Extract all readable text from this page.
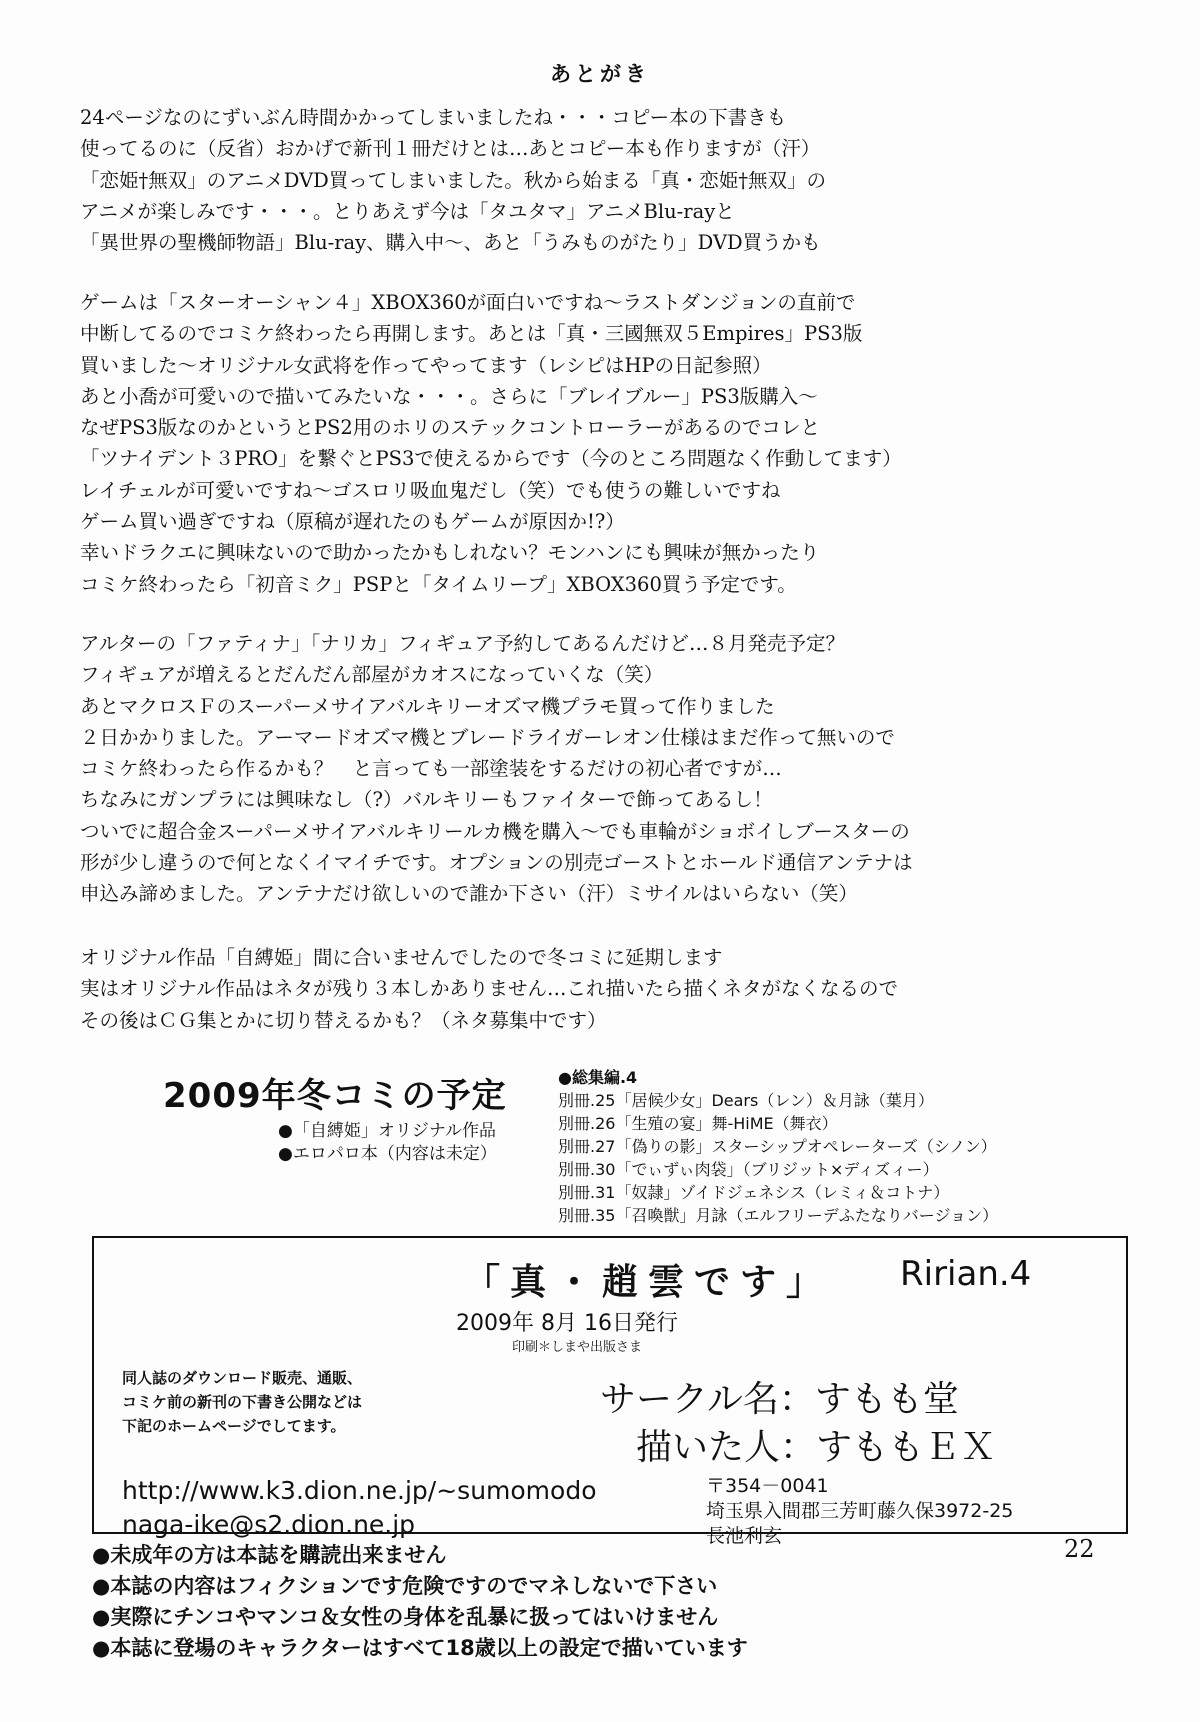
あとがき
24ページなのにずいぶん時間かかってしまいましたね・・・コピー本の下書きも
使ってるのに（反省）おかげで新刊１冊だけとは…あとコピー本も作りますが（汗）
「恋姫†無双」のアニメDVD買ってしまいました。秋から始まる「真・恋姫†無双」の
アニメが楽しみです・・・。とりあえず今は「タユタマ」アニメBlu-rayと
「異世界の聖機師物語」Blu-ray、購入中〜、あと「うみものがたり」DVD買うかも
ゲームは「スターオーシャン４」XBOX360が面白いですね〜ラストダンジョンの直前で
中断してるのでコミケ終わったら再開します。あとは「真・三國無双５Empires」PS3版
買いました〜オリジナル女武将を作ってやってます（レシピはHPの日記参照）
あと小喬が可愛いので描いてみたいな・・・。さらに「ブレイブルー」PS3版購入〜
なぜPS3版なのかというとPS2用のホリのステックコントローラーがあるのでコレと
「ツナイデント３PRO」を繋ぐとPS3で使えるからです（今のところ問題なく作動してます）
レイチェルが可愛いですね〜ゴスロリ吸血鬼だし（笑）でも使うの難しいですね
ゲーム買い過ぎですね（原稿が遅れたのもゲームが原因か!?）
幸いドラクエに興味ないので助かったかもしれない？モンハンにも興味が無かったり
コミケ終わったら「初音ミク」PSPと「タイムリープ」XBOX360買う予定です。
アルターの「ファティナ」「ナリカ」フィギュア予約してあるんだけど…８月発売予定？
フィギュアが増えるとだんだん部屋がカオスになっていくな（笑）
あとマクロスＦのスーパーメサイアバルキリーオズマ機プラモ買って作りました
２日かかりました。アーマードオズマ機とブレードライガーレオン仕様はまだ作って無いので
コミケ終わったら作るかも？　と言っても一部塗装をするだけの初心者ですが…
ちなみにガンプラには興味なし（?）バルキリーもファイターで飾ってあるし！
ついでに超合金スーパーメサイアバルキリールカ機を購入〜でも車輪がショボイしブースターの
形が少し違うので何となくイマイチです。オプションの別売ゴーストとホールド通信アンテナは
申込み諦めました。アンテナだけ欲しいので誰か下さい（汗）ミサイルはいらない（笑）
オリジナル作品「自縛姫」間に合いませんでしたので冬コミに延期します
実はオリジナル作品はネタが残り３本しかありません…これ描いたら描くネタがなくなるので
その後はＣＧ集とかに切り替えるかも？（ネタ募集中です）
2009年冬コミの予定
●「自縛姫」オリジナル作品
●エロパロ本（内容は未定）
●総集編.4
別冊.25「居候少女」Dears（レン）＆月詠（葉月）
別冊.26「生殖の宴」舞-HiME（舞衣）
別冊.27「偽りの影」スターシップオペレーターズ（シノン）
別冊.30「でぃずぃ肉袋」（ブリジット×ディズィー）
別冊.31「奴隷」ゾイドジェネシス（レミィ＆コトナ）
別冊.35「召喚獣」月詠（エルフリーデふたなりバージョン）
「真・趙雲です」 Ririan.4
2009年 8月 16日発行
印刷＊しまや出版さま
同人誌のダウンロード販売、通販、
コミケ前の新刊の下書き公開などは
下記のホームページでしてます。
サークル名：すもも堂
描いた人：すももＥＸ
http://www.k3.dion.ne.jp/~sumomodo
naga-ike@s2.dion.ne.jp
〒354－0041
埼玉県入間郡三芳町藤久保3972-25
長池利玄	22
●未成年の方は本誌を購読出来ません
●本誌の内容はフィクションです危険ですのでマネしないで下さい
●実際にチンコやマンコ＆女性の身体を乱暴に扱ってはいけません
●本誌に登場のキャラクターはすべて18歳以上の設定で描いています
